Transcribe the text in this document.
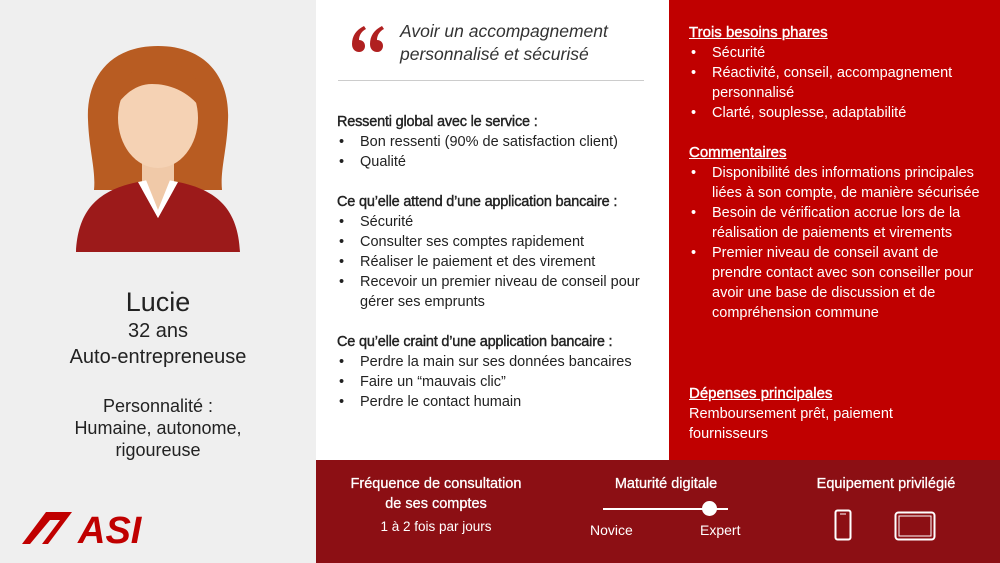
Lucie
32 ans
Auto-entrepreneuse
Personnalité :
Humaine, autonome,
rigoureuse
ASI
Avoir un accompagnement
personnalisé et sécurisé
Ressenti global avec le service :
• Bon ressenti (90% de satisfaction client)
• Qualité
Ce qu’elle attend d’une application bancaire :
• Sécurité
• Consulter ses comptes rapidement
• Réaliser le paiement et des virement
• Recevoir un premier niveau de conseil pour gérer ses emprunts
Ce qu’elle craint d’une application bancaire :
• Perdre la main sur ses données bancaires
• Faire un “mauvais clic”
• Perdre le contact humain
Trois besoins phares
• Sécurité
• Réactivité, conseil, accompagnement personnalisé
• Clarté, souplesse, adaptabilité
Commentaires
• Disponibilité des informations principales liées à son compte, de manière sécurisée
• Besoin de vérification accrue lors de la réalisation de paiements et virements
• Premier niveau de conseil avant de prendre contact avec son conseiller pour avoir une base de discussion et de compréhension commune
Dépenses principales

Remboursement prêt, paiement fournisseurs

Fréquence de consultation
de ses comptes
1 à 2 fois par jours
Maturité digitale
Novice	Expert
Equipement privilégié
